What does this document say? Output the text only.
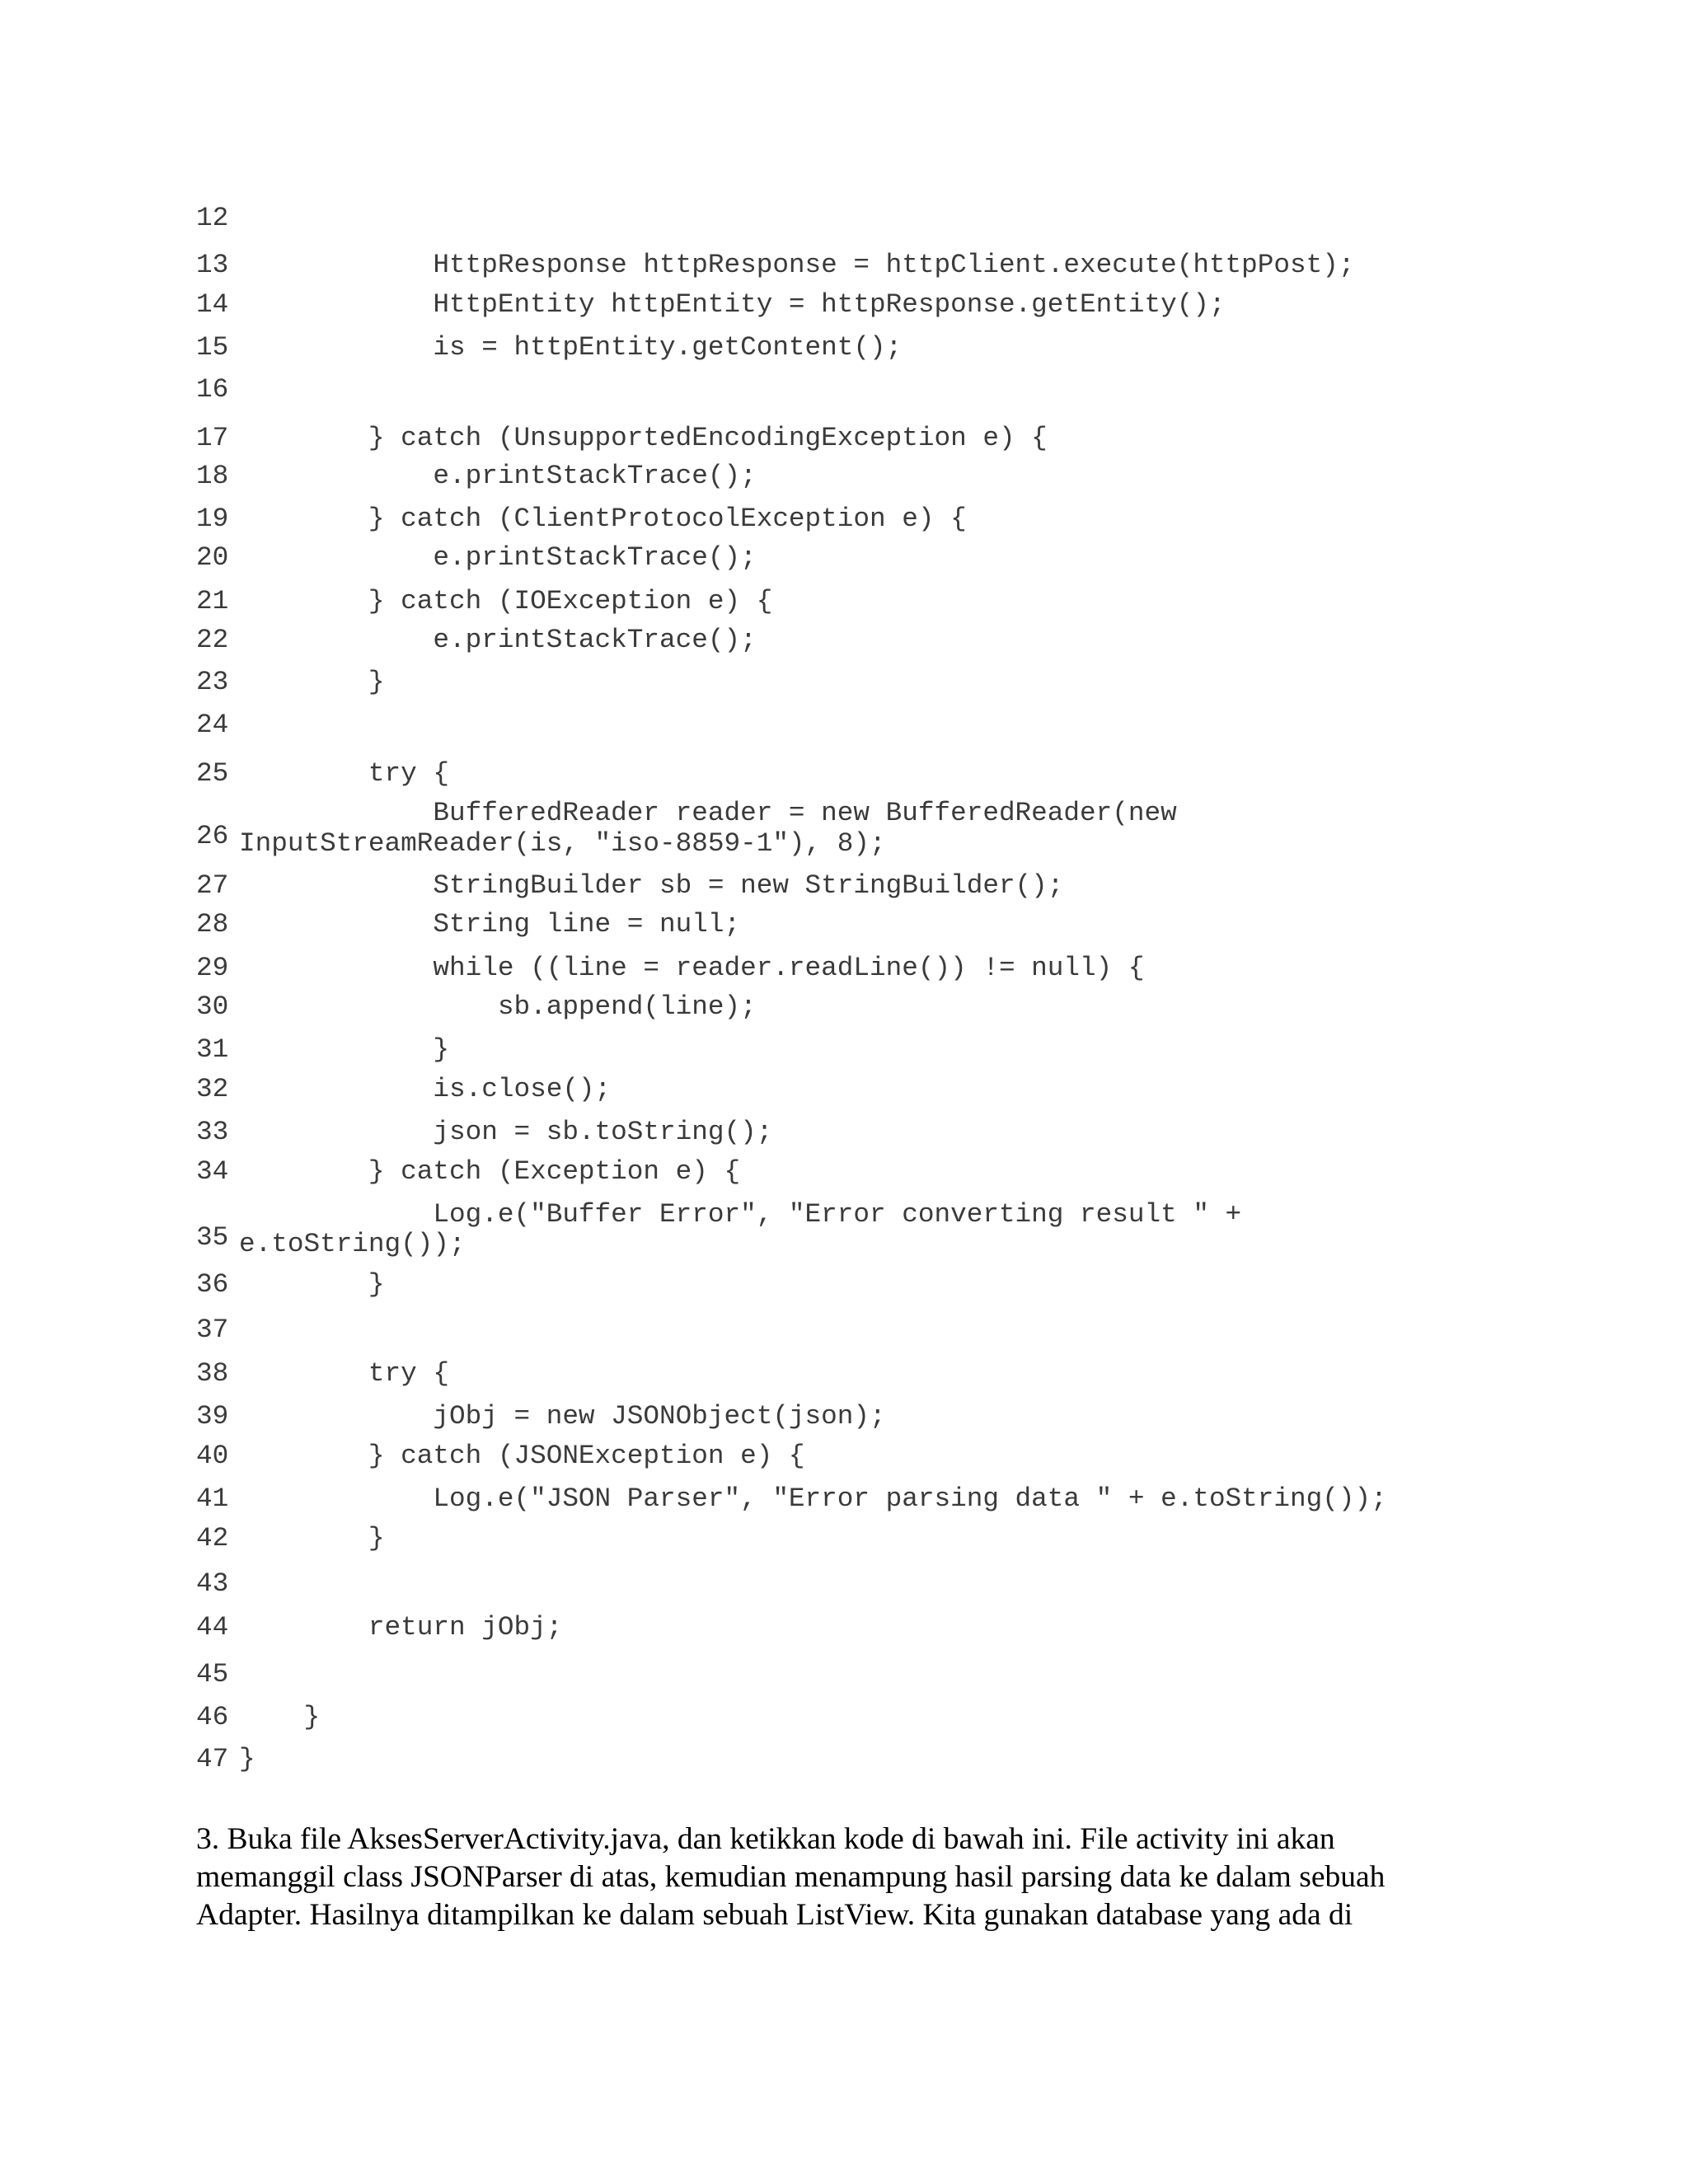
12
13 HttpResponse httpResponse = httpClient.execute(httpPost);
14 HttpEntity httpEntity = httpResponse.getEntity();
15 is = httpEntity.getContent();
16
17 } catch (UnsupportedEncodingException e) {
18 e.printStackTrace();
19 } catch (ClientProtocolException e) {
20 e.printStackTrace();
21 } catch (IOException e) {
22 e.printStackTrace();
23 }
24
25 try {
26
BufferedReader reader = new BufferedReader(new
InputStreamReader(is, "iso-8859-1"), 8);
27 StringBuilder sb = new StringBuilder();
28 String line = null;
29 while ((line = reader.readLine()) != null) {
30 sb.append(line);
31 }
32 is.close();
33 json = sb.toString();
34 } catch (Exception e) {
35
Log.e("Buffer Error", "Error converting result " +
e.toString());
36 }
37
38 try {
39 jObj = new JSONObject(json);
40 } catch (JSONException e) {
41 Log.e("JSON Parser", "Error parsing data " + e.toString());
42 }
43
44 return jObj;
45
46 }
47 }
3. Buka file AksesServerActivity.java, dan ketikkan kode di bawah ini. File activity ini akan
memanggil class JSONParser di atas, kemudian menampung hasil parsing data ke dalam sebuah
Adapter. Hasilnya ditampilkan ke dalam sebuah ListView. Kita gunakan database yang ada di
